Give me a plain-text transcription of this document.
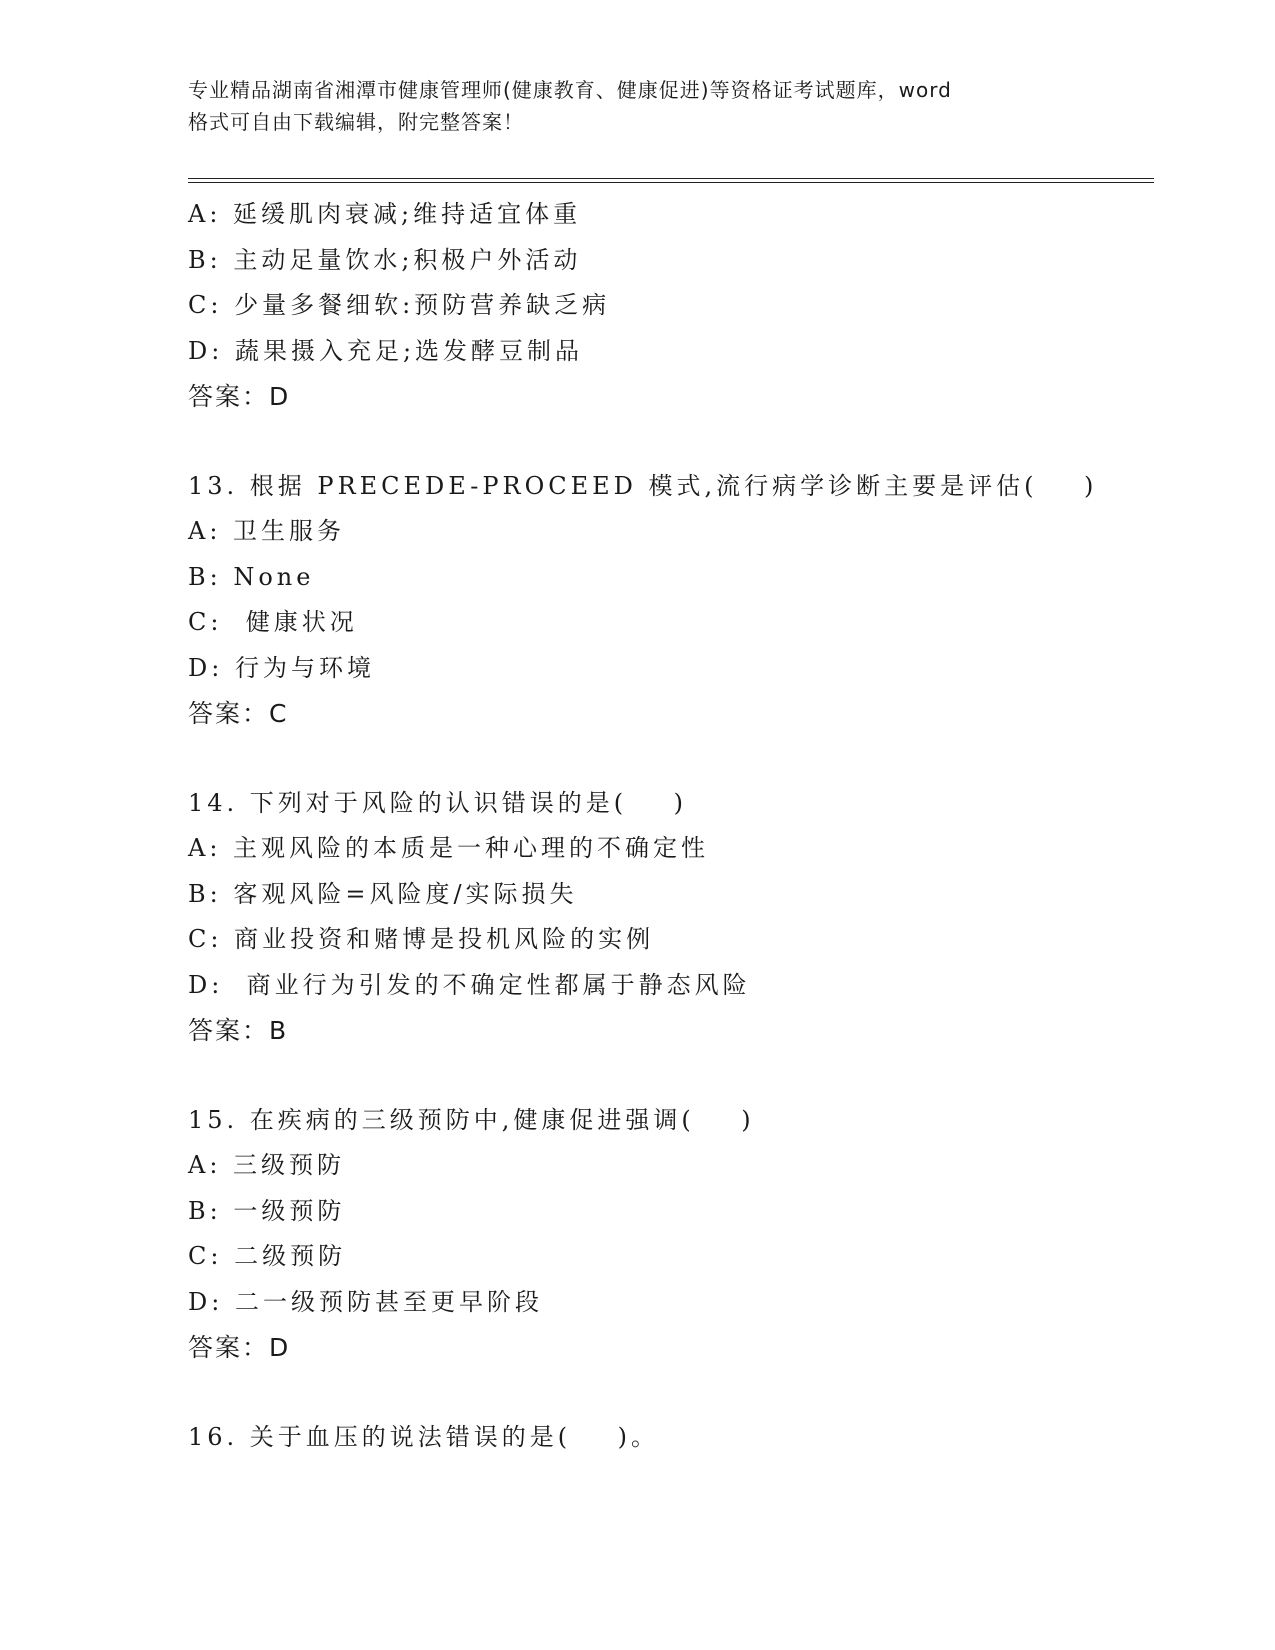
专业精品湖南省湘潭市健康管理师(健康教育、健康促进)等资格证考试题库，word
格式可自由下载编辑，附完整答案！
A: 延缓肌肉衰减;维持适宜体重
B: 主动足量饮水;积极户外活动
C: 少量多餐细软:预防营养缺乏病
D: 蔬果摄入充足;选发酵豆制品
答案：D
13. 根据 PRECEDE-PROCEED 模式,流行病学诊断主要是评估(    )
A: 卫生服务
B: None
C:  健康状况
D: 行为与环境
答案：C
14. 下列对于风险的认识错误的是(    )
A: 主观风险的本质是一种心理的不确定性
B: 客观风险=风险度/实际损失
C: 商业投资和赌博是投机风险的实例
D:  商业行为引发的不确定性都属于静态风险
答案：B
15. 在疾病的三级预防中,健康促进强调(    )
A: 三级预防
B: 一级预防
C: 二级预防
D: 二一级预防甚至更早阶段
答案：D
16. 关于血压的说法错误的是(    )。
